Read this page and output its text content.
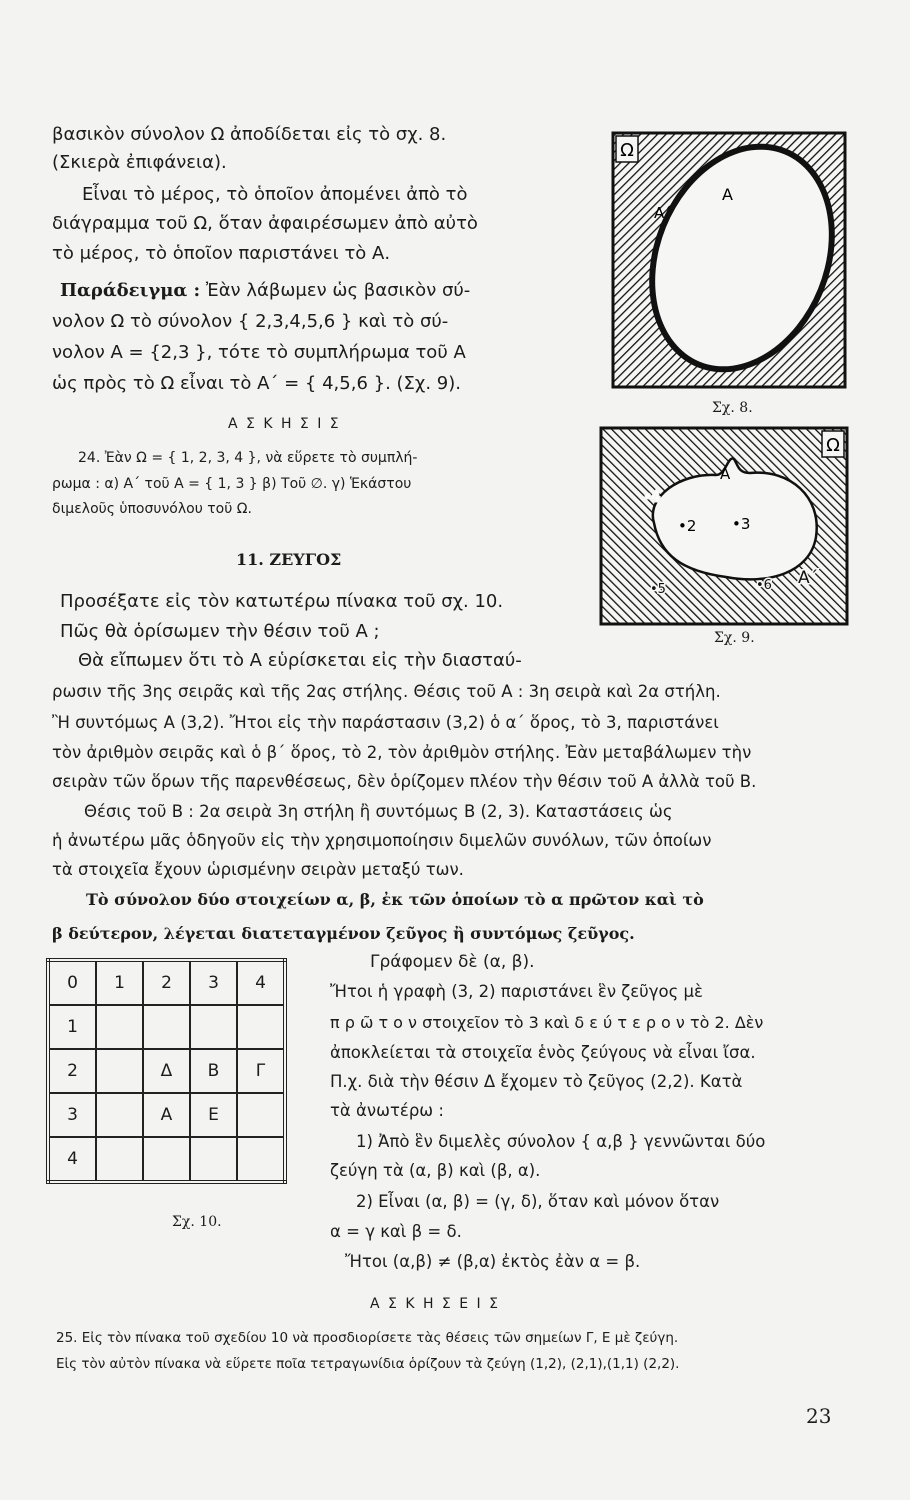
βασικὸν σύνολον Ω ἀποδίδεται εἰς τὸ σχ. 8.
(Σκιερὰ ἐπιφάνεια).
Εἶναι τὸ μέρος, τὸ ὁποῖον ἀπομένει ἀπὸ τὸ
διάγραμμα τοῦ Ω, ὅταν ἀφαιρέσωμεν ἀπὸ αὐτὸ
τὸ μέρος, τὸ ὁποῖον παριστάνει τὸ Α.
Παράδειγμα : Ἐὰν λάβωμεν ὡς βασικὸν σύ-
νολον Ω τὸ σύνολον { 2,3,4,5,6 } καὶ τὸ σύ-
νολον Α = {2,3 }, τότε τὸ συμπλήρωμα τοῦ Α
ὡς πρὸς τὸ Ω εἶναι τὸ Α΄ = { 4,5,6 }. (Σχ. 9).
Α Σ Κ Η Σ Ι Σ
24. Ἐὰν Ω = { 1, 2, 3, 4 }, νὰ εὕρετε τὸ συμπλή-
ρωμα : α) Α΄ τοῦ Α = { 1, 3 } β) Τοῦ ∅. γ) Ἑκάστου
διμελοῦς ὑποσυνόλου τοῦ Ω.
11. ΖΕΥΓΟΣ
Προσέξατε εἰς τὸν κατωτέρω πίνακα τοῦ σχ. 10.
Πῶς θὰ ὁρίσωμεν τὴν θέσιν τοῦ Α ;
Θὰ εἴπωμεν ὅτι τὸ Α εὑρίσκεται εἰς τὴν διασταύ-
ρωσιν τῆς 3ης σειρᾶς καὶ τῆς 2ας στήλης. Θέσις τοῦ Α : 3η σειρὰ καὶ 2α στήλη.
Ἢ συντόμως Α (3,2). Ἤτοι εἰς τὴν παράστασιν (3,2) ὁ α΄ ὅρος, τὸ 3, παριστάνει
τὸν ἀριθμὸν σειρᾶς καὶ ὁ β΄ ὅρος, τὸ 2, τὸν ἀριθμὸν στήλης. Ἐὰν μεταβάλωμεν τὴν
σειρὰν τῶν ὅρων τῆς παρενθέσεως, δὲν ὁρίζομεν πλέον τὴν θέσιν τοῦ Α ἀλλὰ τοῦ Β.
Θέσις τοῦ Β : 2α σειρὰ 3η στήλη ἢ συντόμως Β (2, 3). Καταστάσεις ὡς
ἡ ἀνωτέρω μᾶς ὁδηγοῦν εἰς τὴν χρησιμοποίησιν διμελῶν συνόλων, τῶν ὁποίων
τὰ στοιχεῖα ἔχουν ὡρισμένην σειρὰν μεταξύ των.
Τὸ σύνολον δύο στοιχείων α, β, ἐκ τῶν ὁποίων τὸ α πρῶτον καὶ τὸ
β δεύτερον, λέγεται διατεταγμένον ζεῦγος ἢ συντόμως ζεῦγος.
Γράφομεν δὲ (α, β).
Ἤτοι ἡ γραφὴ (3, 2) παριστάνει ἓν ζεῦγος μὲ
π ρ ῶ τ ο ν στοιχεῖον τὸ 3 καὶ δ ε ύ τ ε ρ ο ν τὸ 2. Δὲν
ἀποκλείεται τὰ στοιχεῖα ἑνὸς ζεύγους νὰ εἶναι ἴσα.
Π.χ. διὰ τὴν θέσιν Δ ἔχομεν τὸ ζεῦγος (2,2). Κατὰ
τὰ ἀνωτέρω :
1) Ἀπὸ ἓν διμελὲς σύνολον { α,β } γεννῶνται δύο
ζεύγη τὰ (α, β) καὶ (β, α).
2) Εἶναι (α, β) = (γ, δ), ὅταν καὶ μόνον ὅταν
α = γ καὶ β = δ.
Ἤτοι (α,β) ≠ (β,α) ἐκτὸς ἐὰν α = β.
Α Σ Κ Η Σ Ε Ι Σ
25. Εἰς τὸν πίνακα τοῦ σχεδίου 10 νὰ προσδιορίσετε τὰς θέσεις τῶν σημείων Γ, Ε μὲ ζεύγη.
Εἰς τὸν αὐτὸν πίνακα νὰ εὕρετε ποῖα τετραγωνίδια ὁρίζουν τὰ ζεύγη (1,2), (2,1),(1,1) (2,2).
23
Ω
Α
Α΄
Σχ. 8.
Ω
Α
•2 •3
•4
•5	•6 Α΄
Σχ. 9.
0	1	2	3	4
1				
2		Δ	Β	Γ
3		Α	Ε	
4				
Σχ. 10.
